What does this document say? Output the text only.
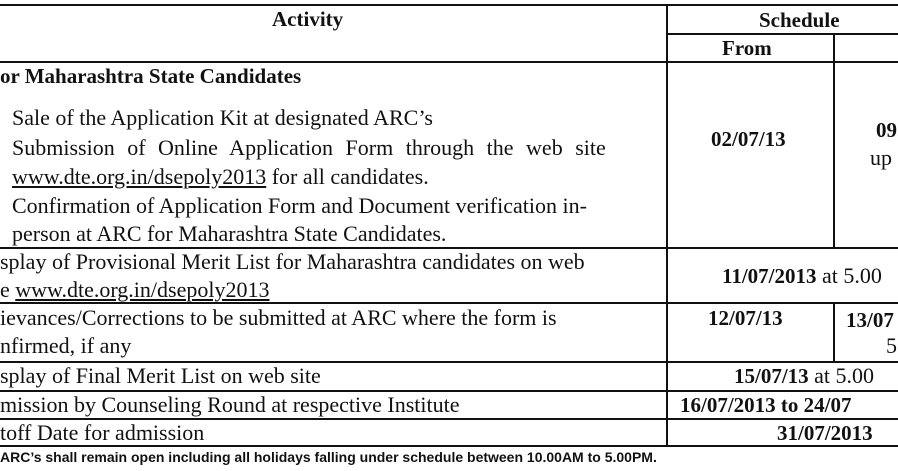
Activity	Schedule
From
or Maharashtra State Candidates
Sale of the Application Kit at designated ARC’s
Submission of Online Application Form through the web site
www.dte.org.in/dsepoly2013 for all candidates.
Confirmation of Application Form and Document verification in-
person at ARC for Maharashtra State Candidates.
02/07/13	09
up
splay of Provisional Merit List for Maharashtra candidates on web
e www.dte.org.in/dsepoly2013
11/07/2013 at 5.00
ievances/Corrections to be submitted at ARC where the form is
nfirmed, if any
12/07/13	13/07
5
splay of Final Merit List on web site	15/07/13 at 5.00
mission by Counseling Round at respective Institute	16/07/2013 to 24/07
toff Date for admission	31/07/2013
ARC’s shall remain open including all holidays falling under schedule between 10.00AM to 5.00PM.
